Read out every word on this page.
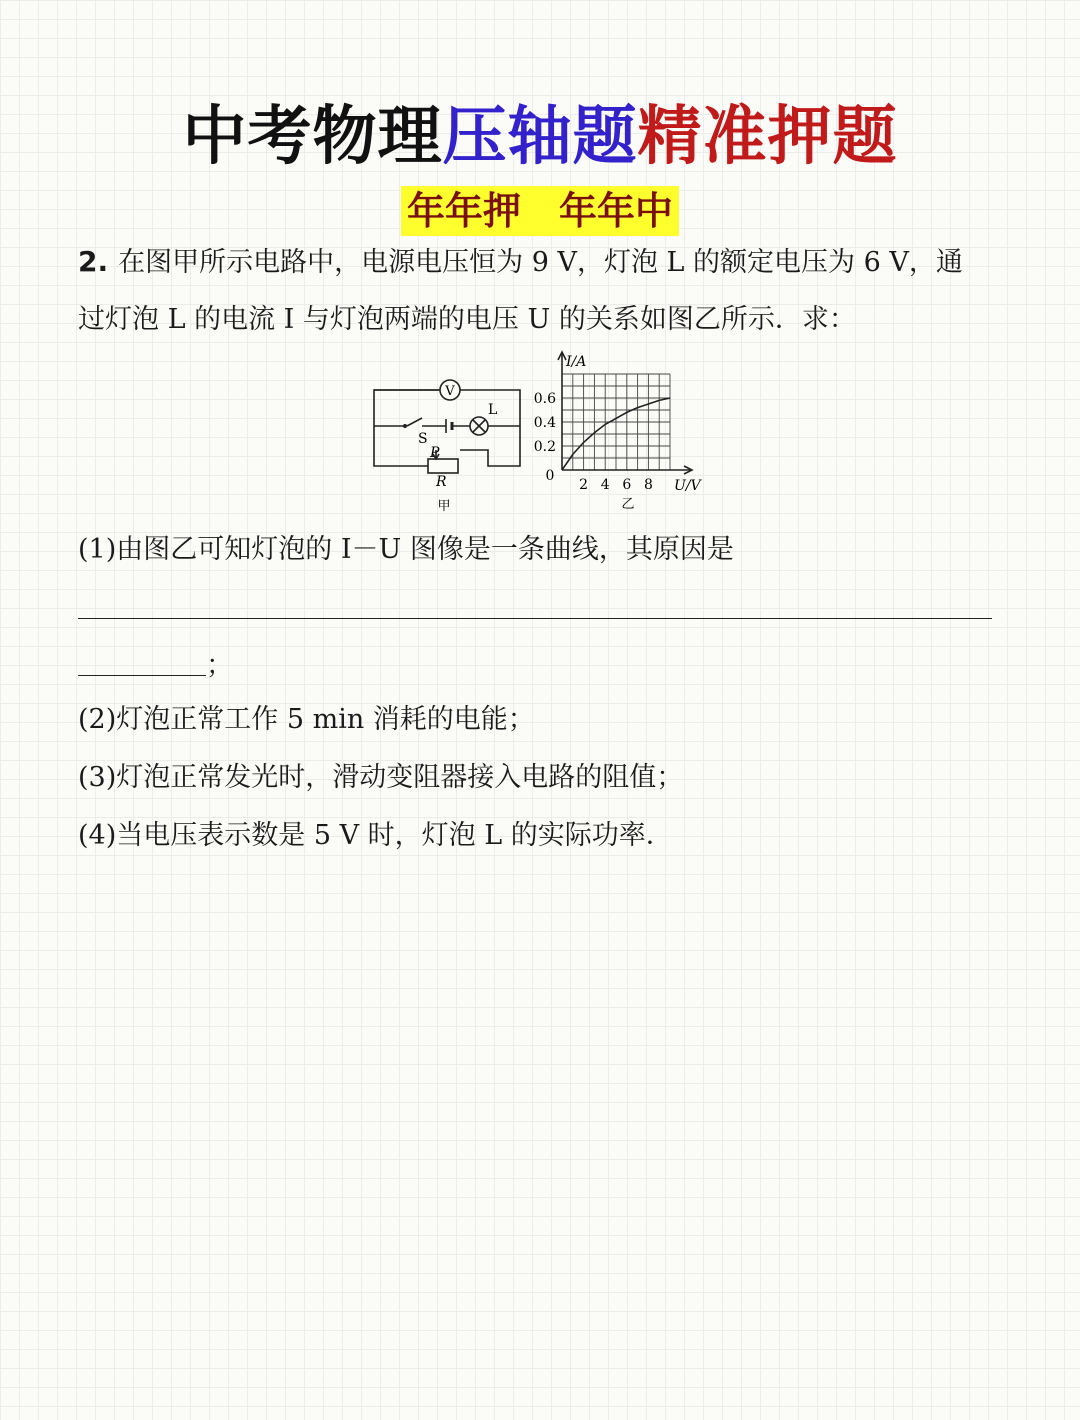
中考物理压轴题精准押题
年年押　年年中
2. 在图甲所示电路中，电源电压恒为 9 V，灯泡 L 的额定电压为 6 V，通
过灯泡 L 的电流 I 与灯泡两端的电压 U 的关系如图乙所示．求：
V
L
S
P
R
甲
2 4 6 8
0.2
0.4
0.6
I/A
U/V
0
乙
(1)由图乙可知灯泡的 I－U 图像是一条曲线，其原因是
；
(2)灯泡正常工作 5 min 消耗的电能；
(3)灯泡正常发光时，滑动变阻器接入电路的阻值；
(4)当电压表示数是 5 V 时，灯泡 L 的实际功率．
